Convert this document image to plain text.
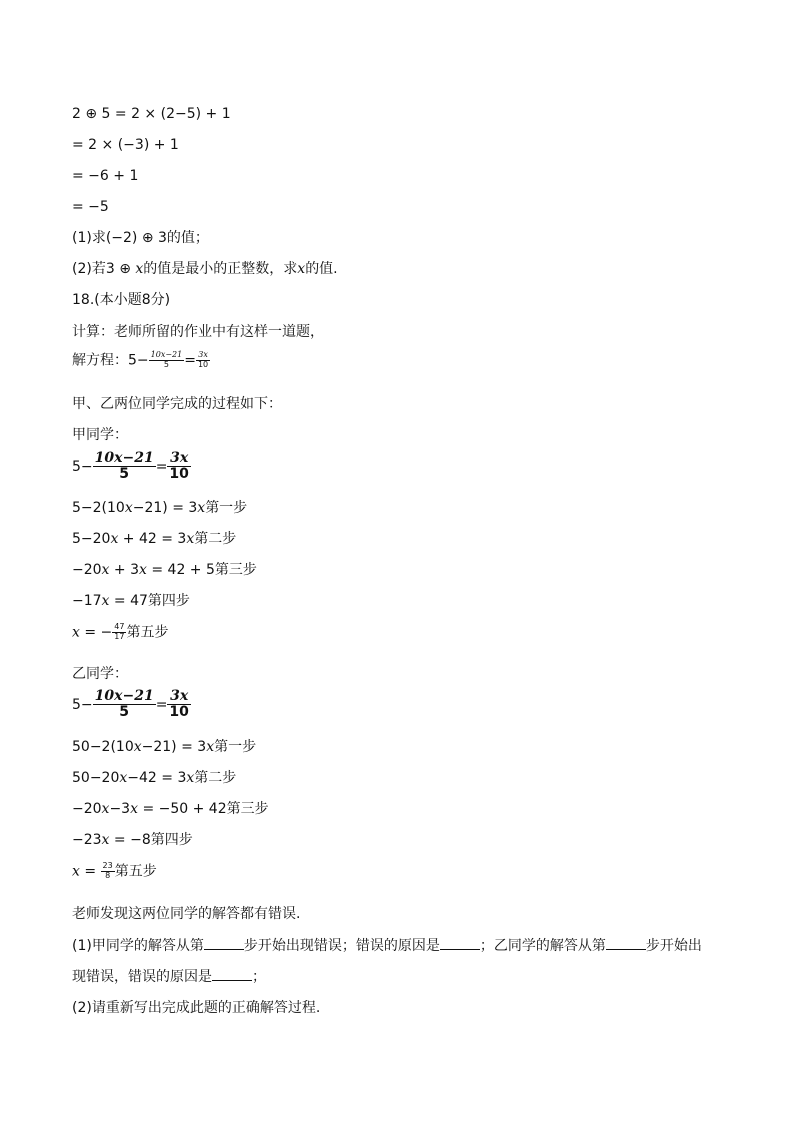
2 ⊕ 5 = 2 × (2−5) + 1
= 2 × (−3) + 1
= −6 + 1
= −5
(1)求(−2) ⊕ 3的值；
(2)若3 ⊕ x的值是最小的正整数，求x的值.
18.(本小题8分)
计算：老师所留的作业中有这样一道题，
解方程：$5- \frac{10x-21}{5} = \frac{3x}{10}$
甲、乙两位同学完成的过程如下：
甲同学：
$5- \frac{10x-21}{5} = \frac{3x}{10}$
5−2(10x−21) = 3x第一步
5−20x + 42 = 3x第二步
−20x + 3x = 42 + 5第三步
−17x = 47第四步
x = − $\frac{47}{17}$ 第五步
乙同学：
$5- \frac{10x-21}{5} = \frac{3x}{10}$
50−2(10x−21) = 3x第一步
50−20x−42 = 3x第二步
−20x−3x = −50 + 42第三步
−23x = −8第四步
$x = \frac{23}{8}$ 第五步
老师发现这两位同学的解答都有错误.
(1)甲同学的解答从第	步开始出现错误；错误的原因是	；乙同学的解答从第	步开始出
现错误，错误的原因是	；
(2)请重新写出完成此题的正确解答过程.
